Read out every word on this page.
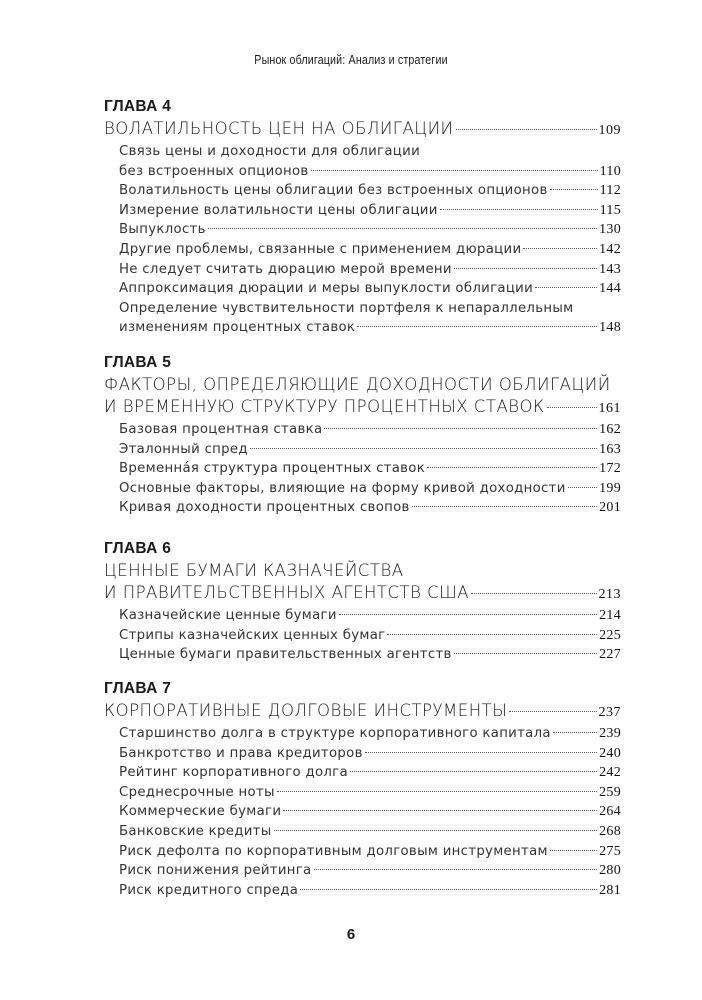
Рынок облигаций: Анализ и стратегии
ГЛАВА 4
ВОЛАТИЛЬНОСТЬ ЦЕН НА ОБЛИГАЦИИ	109
Связь цены и доходности для облигации
без встроенных опционов	110
Волатильность цены облигации без встроенных опционов	112
Измерение волатильности цены облигации	115
Выпуклость	130
Другие проблемы, связанные с применением дюрации	142
Не следует считать дюрацию мерой времени	143
Аппроксимация дюрации и меры выпуклости облигации	144
Определение чувствительности портфеля к непараллельным
изменениям процентных ставок	148
ГЛАВА 5
ФАКТОРЫ, ОПРЕДЕЛЯЮЩИЕ ДОХОДНОСТИ ОБЛИГАЦИЙ
И ВРЕМЕННУЮ СТРУКТУРУ ПРОЦЕНТНЫХ СТАВОК	161
Базовая процентная ставка	162
Эталонный спред	163
Временна́я структура процентных ставок	172
Основные факторы, влияющие на форму кривой доходности 199
Кривая доходности процентных свопов	201
ГЛАВА 6
ЦЕННЫЕ БУМАГИ КАЗНАЧЕЙСТВА
И ПРАВИТЕЛЬСТВЕННЫХ АГЕНТСТВ США	213
Казначейские ценные бумаги	214
Стрипы казначейских ценных бумаг	225
Ценные бумаги правительственных агентств	227
ГЛАВА 7
КОРПОРАТИВНЫЕ ДОЛГОВЫЕ ИНСТРУМЕНТЫ	237
Старшинство долга в структуре корпоративного капитала	239
Банкротство и права кредиторов	240
Рейтинг корпоративного долга	242
Среднесрочные ноты	259
Коммерческие бумаги	264
Банковские кредиты	268
Риск дефолта по корпоративным долговым инструментам	275
Риск понижения рейтинга	280
Риск кредитного спреда	281
6
